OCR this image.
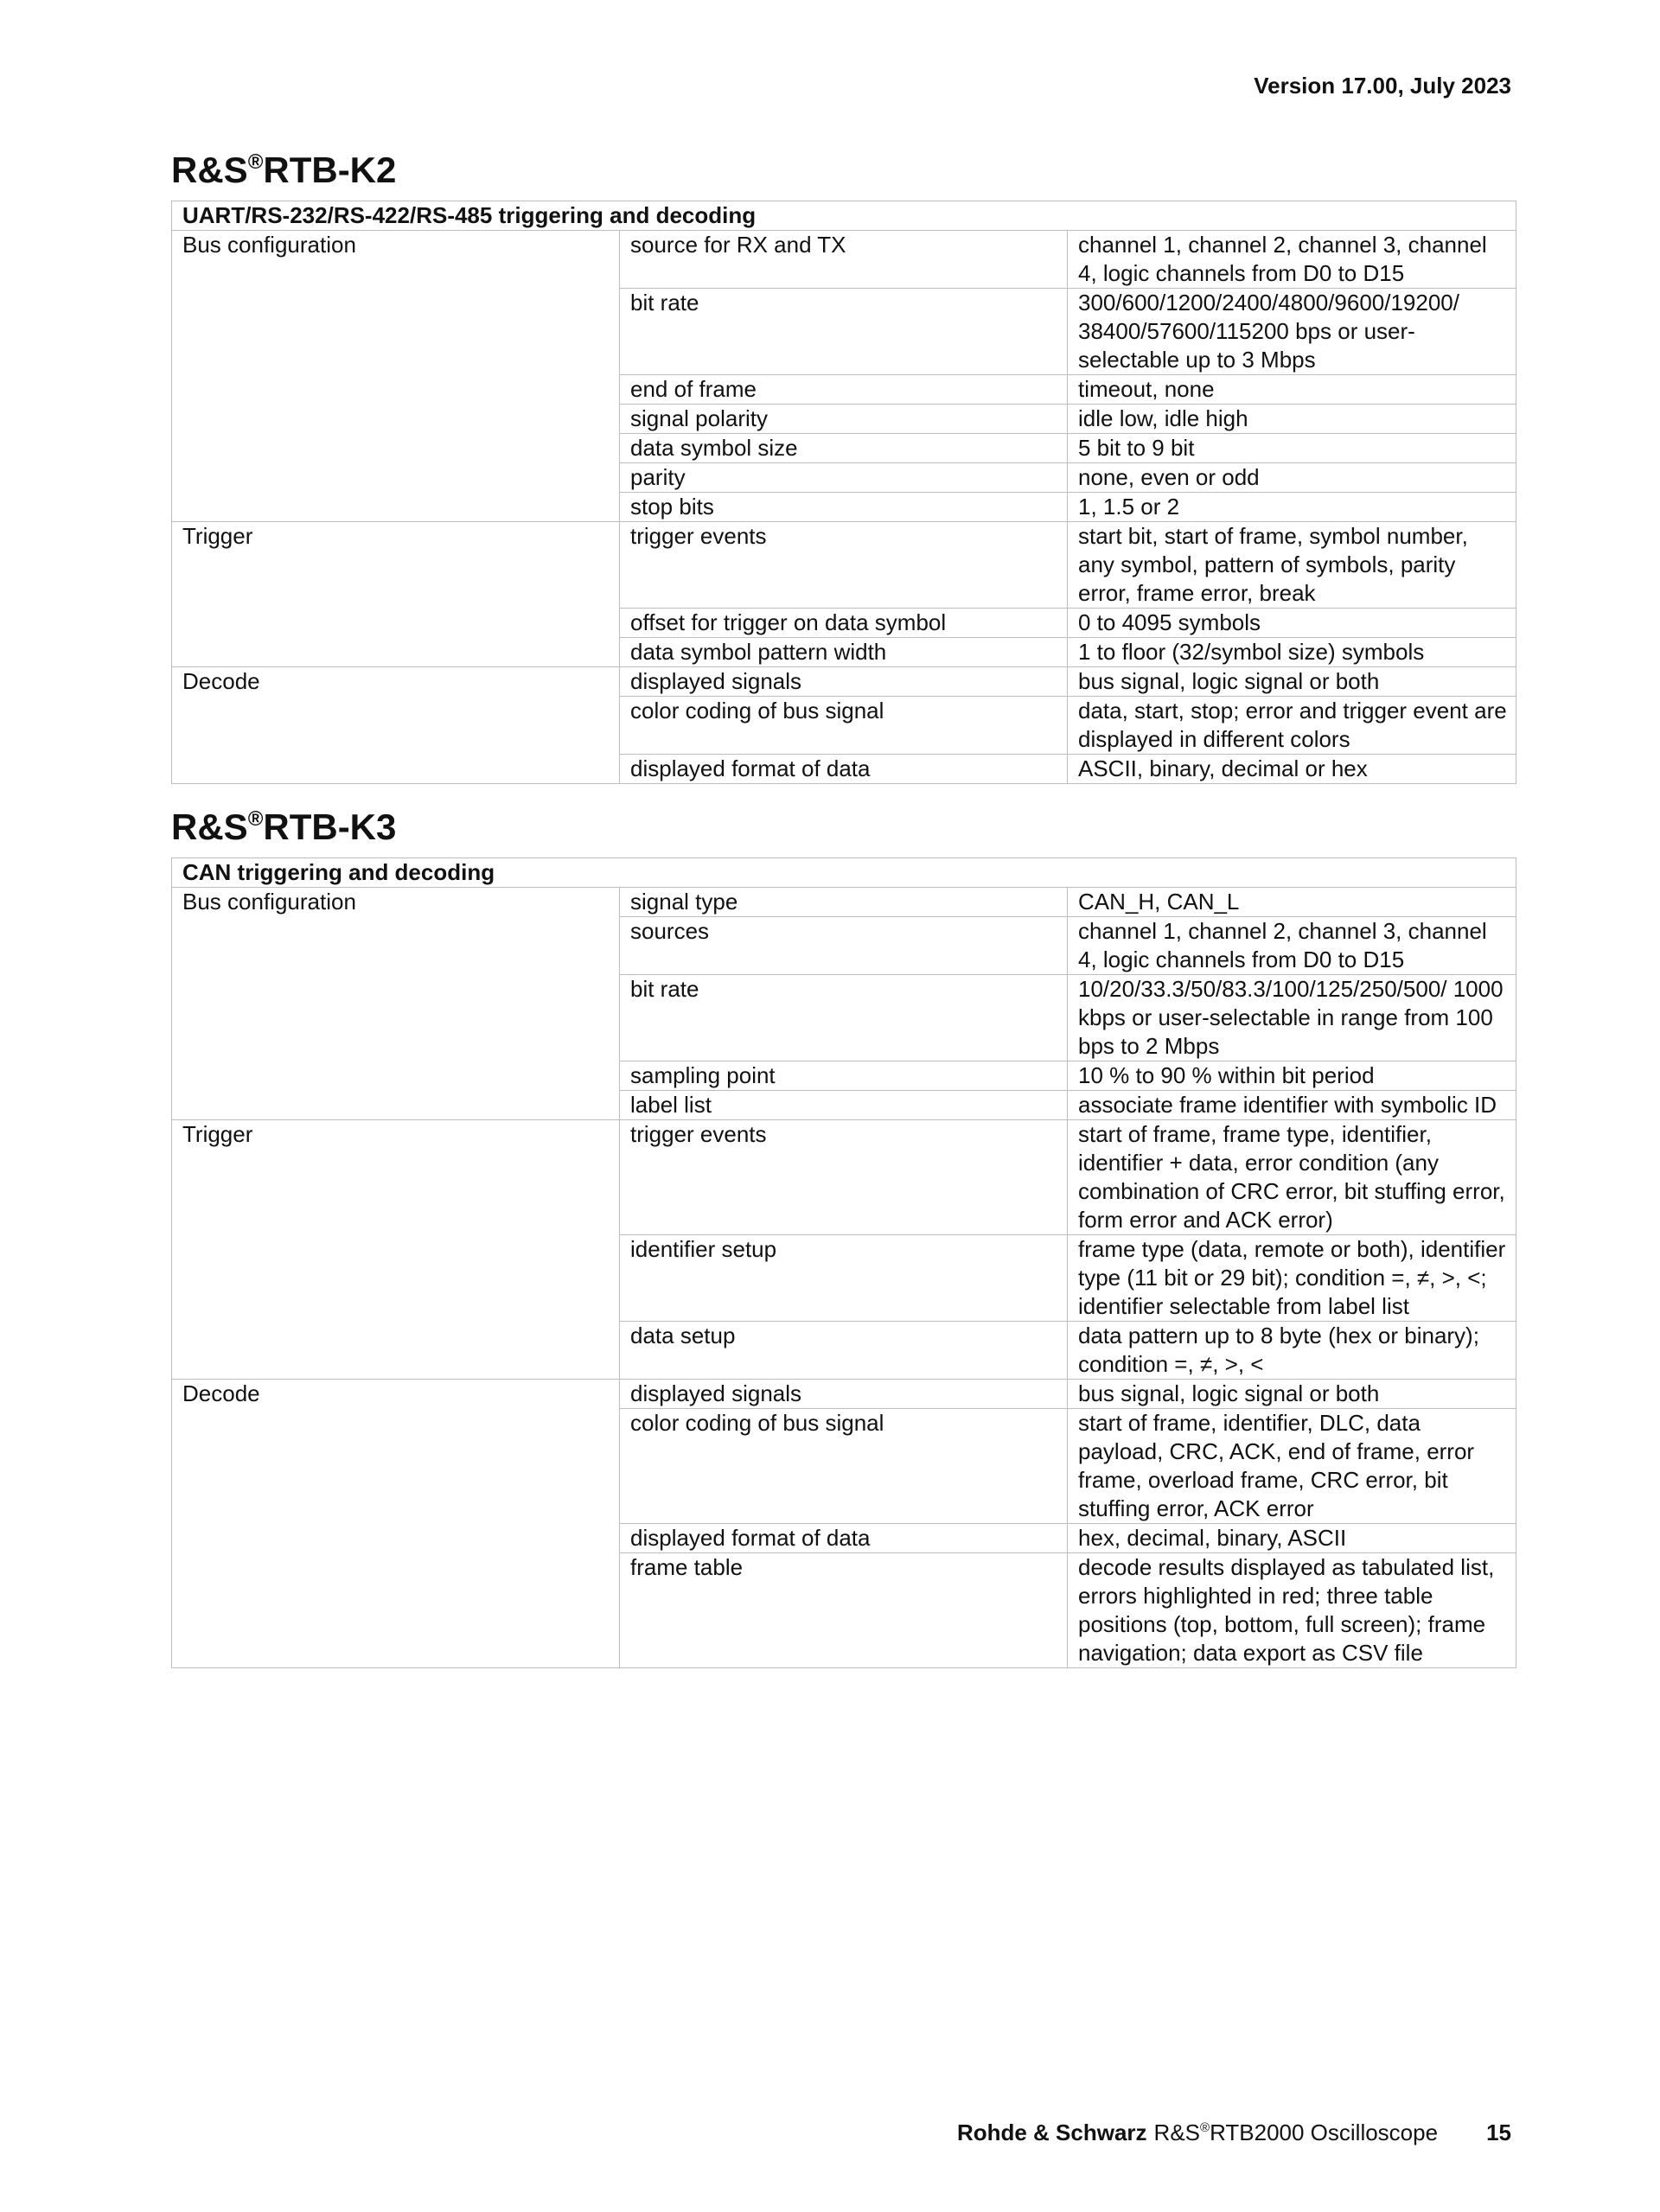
Version 17.00, July 2023
R&S® RTB-K2
UART/RS-232/RS-422/RS-485 triggering and decoding		
Bus configuration	source for RX and TX	channel 1, channel 2, channel 3, channel 4, logic channels from D0 to D15
	bit rate	300/600/1200/2400/4800/9600/19200/ 38400/57600/115200 bps or user-selectable up to 3 Mbps
	end of frame	timeout, none
	signal polarity	idle low, idle high
	data symbol size	5 bit to 9 bit
	parity	none, even or odd
	stop bits	1, 1.5 or 2
Trigger	trigger events	start bit, start of frame, symbol number, any symbol, pattern of symbols, parity error, frame error, break
	offset for trigger on data symbol	0 to 4095 symbols
	data symbol pattern width	1 to floor (32/symbol size) symbols
Decode	displayed signals	bus signal, logic signal or both
	color coding of bus signal	data, start, stop; error and trigger event are displayed in different colors
	displayed format of data	ASCII, binary, decimal or hex
R&S® RTB-K3
CAN triggering and decoding		
Bus configuration	signal type	CAN_H, CAN_L
	sources	channel 1, channel 2, channel 3, channel 4, logic channels from D0 to D15
	bit rate	10/20/33.3/50/83.3/100/125/250/500/ 1000 kbps or user-selectable in range from 100 bps to 2 Mbps
	sampling point	10 % to 90 % within bit period
	label list	associate frame identifier with symbolic ID
Trigger	trigger events	start of frame, frame type, identifier, identifier + data, error condition (any combination of CRC error, bit stuffing error, form error and ACK error)
	identifier setup	frame type (data, remote or both), identifier type (11 bit or 29 bit); condition =, ≠, >, <; identifier selectable from label list
	data setup	data pattern up to 8 byte (hex or binary); condition =, ≠, >, <
Decode	displayed signals	bus signal, logic signal or both
	color coding of bus signal	start of frame, identifier, DLC, data payload, CRC, ACK, end of frame, error frame, overload frame, CRC error, bit stuffing error, ACK error
	displayed format of data	hex, decimal, binary, ASCII
	frame table	decode results displayed as tabulated list, errors highlighted in red; three table positions (top, bottom, full screen); frame navigation; data export as CSV file
Rohde & Schwarz R&S® RTB2000 Oscilloscope 15
